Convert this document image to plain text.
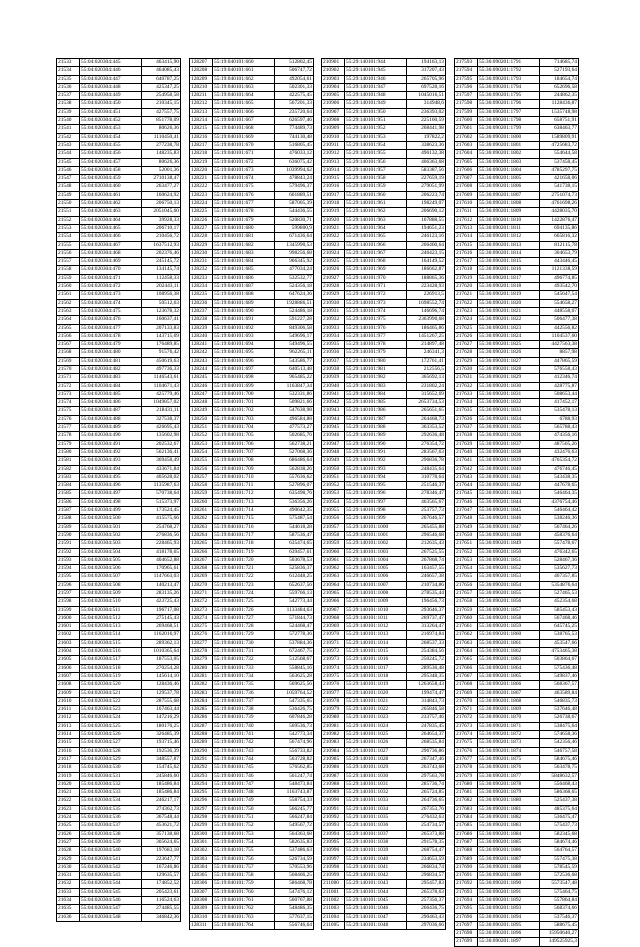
21533	55:04:020304:445	463415,90
21534	55:04:020304:446	464085,43
21535	55:04:020304:447	640787,25
21536	55:04:020304:448	425347,25
21537	55:04:020304:449	254958,58
21538	55:04:020304:450	210345,15
21539	55:04:020304:451	427557,75
21540	55:04:020304:452	851778,09
21541	55:04:020304:453	80626,36
21542	55:04:020304:454	1110450,41
21543	55:04:020304:455	277238,78
21544	55:04:020304:456	148235,83
21545	55:04:020304:457	80626,36
21546	55:04:020304:458	52001,36
21547	55:04:020304:459	2710138,47
21548	55:04:020304:460	263477,27
21549	55:04:020304:461	160624,92
21550	55:04:020304:462	206750,13
21551	55:04:020304:463	2051045,60
21552	55:04:020304:464	39928,33
21553	55:04:020304:465	206710,17
21554	55:04:020304:466	210456,72
21555	55:04:020304:467	1637512,93
21556	55:04:020304:468	202376,46
21557	55:04:020304:469	245145,72
21558	55:04:020304:470	134145,74
21559	55:04:020304:471	112458,33
21560	55:04:020304:472	202443,11
21561	55:04:020304:473	108956,38
21562	55:04:020304:474	50512,63
21563	55:04:020304:475	123678,32
21564	55:04:020304:476	160637,41
21565	55:04:020304:477	207133,83
21566	55:04:020304:478	143715,69
21567	55:04:020304:479	176489,85
21568	55:04:020304:480	91576,42
21569	55:04:020304:481	450619,63
21570	55:04:020304:482	497736,33
21571	55:04:020304:483	1146543,61
21572	55:04:020304:484	1104671,43
21573	55:04:020304:485	425779,46
21574	55:04:020304:486	1049857,02
21575	55:04:020304:487	218431,11
21576	55:04:020304:488	327538,37
21577	55:04:020304:489	426695,43
21578	55:04:020304:490	135602,98
21579	55:04:020304:491	202532,67
21580	55:04:020304:492	562136,41
21581	55:04:020304:493	369458,49
21582	55:04:020304:494	433671,84
21583	55:04:020304:495	405628,02
21584	55:04:020304:496	1135987,63
21585	55:04:020304:497	570738,64
21586	55:04:020304:498	515373,97
21587	55:04:020304:499	173524,45
21588	55:04:020304:500	415575,66
21589	55:04:020304:501	254768,27
21590	55:04:020304:502	276836,56
21591	55:04:020304:503	228465,93
21592	55:04:020304:504	418178,65
21593	55:04:020304:505	404652,88
21594	55:04:020304:506	170965,61
21595	55:04:020304:507	1147663,03
21596	55:04:020304:508	140213,47
21597	55:04:020304:509	283135,26
21598	55:04:020304:510	423725,43
21599	55:04:020304:511	196717,08
21600	55:04:020304:512	275145,43
21601	55:04:020304:513	269468,51
21602	55:04:020304:514	1162016,97
21603	55:04:020304:515	289362,13
21604	55:04:020304:516	1010365,64
21605	55:04:020304:517	187553,05
21606	55:04:020304:518	270254,28
21607	55:04:020304:519	145614,10
21608	55:04:020304:520	128436,46
21609	55:04:020304:521	129537,78
21610	55:04:020304:522	287555,68
21611	55:04:020304:523	167463,44
21612	55:04:020304:524	147216,29
21613	55:04:020304:525	180176,25
21614	55:04:020304:526	326485,39
21615	55:04:020304:527	193715,46
21616	55:04:020304:528	192536,39
21617	55:04:020304:529	348557,87
21618	55:04:020304:530	154745,62
21619	55:04:020304:531	245846,60
21620	55:04:020304:532	185486,84
21621	55:04:020304:533	185486,84
21622	55:04:020304:534	246217,17
21623	55:04:020304:535	274362,73
21624	55:04:020304:536	367548,44
21625	55:04:020304:537	453621,72
21626	55:04:020304:538	357138,68
21627	55:04:020304:539	305624,65
21628	55:04:020304:540	197683,18
21629	55:04:020304:541	223647,77
21630	55:04:020304:542	167246,86
21631	55:04:020304:543	129635,57
21632	55:04:020304:544	174852,52
21633	55:04:020304:545	205423,61
21634	55:04:020304:546	116524,63
21635	55:04:020304:547	274485,55
21636	55:04:020304:548	346842,36
128207	55:19:040101:660	512802,45
128208	55:19:040101:661	506747,72
128209	55:19:040101:662	492054,61
128210	55:19:040101:663	502301,33
128211	55:19:040101:664	422575,45
128212	55:19:040101:665	567201,33
128213	55:19:040101:666	235720,64
128214	55:19:040101:667	626597,46
128215	55:19:040101:668	774489,73
128216	55:19:040101:669	744130,48
128217	55:19:040101:670	516805,45
128218	55:19:040101:671	476033,12
128219	55:19:040101:672	636075,42
128220	55:19:040101:673	1039994,62
128221	55:19:040101:674	478843,24
128222	55:19:040101:675	579496,37
128223	55:19:040101:676	661889,51
128224	55:19:040101:677	587005,39
128225	55:19:040101:678	544436,55
128226	55:19:040101:679	520830,71
128227	55:19:040101:680	599800,9
128228	55:19:040101:681	671436,64
128229	55:19:040101:682	1345990,53
128230	55:19:040101:683	998256,68
128231	55:19:040101:684	966345,92
128232	55:19:040101:685	477034,24
128233	55:19:040101:686	532532,77
128234	55:19:040101:687	524356,18
128235	55:19:040101:688	647624,36
128236	55:19:040101:689	1928886,51
128237	55:19:040101:690	524486,18
128238	55:19:040101:691	591227,28
128239	55:19:040101:692	849306,58
128240	55:19:040101:693	549696,17
128241	55:19:040101:694	549496,55
128242	55:19:040101:695	962265,11
128243	55:19:040101:696	543586,77
128244	55:19:040101:697	640513,48
128245	55:19:040101:698	965485,22
128246	55:19:040101:699	1163847,34
128247	55:19:040101:700	532331,86
128248	55:19:040101:701	509821,66
128249	55:19:040101:702	547638,98
128250	55:19:040101:703	496584,88
128251	55:19:040101:704	477573,27
128252	55:19:040101:705	502685,76
128253	55:19:040101:706	562738,21
128254	55:19:040101:707	527068,36
128255	55:19:040101:708	686486,64
128256	55:19:040101:709	562838,26
128257	55:19:040101:710	557636,62
128258	55:19:040101:711	527896,07
128259	55:19:040101:712	635498,76
128260	55:19:040101:713	536356,26
128261	55:19:040101:714	490642,35
128262	55:19:040101:715	575487,54
128263	55:19:040101:716	544618,28
128264	55:19:040101:717	587536,47
128265	55:19:040101:718	635474,65
128266	55:19:040101:719	639457,61
128267	55:19:040101:720	503678,53
128268	55:19:040101:721	525836,37
128269	55:19:040101:722	612448,25
128270	55:19:040101:723	652637,56
128271	55:19:040101:724	559766,13
128272	55:19:040101:725	542773,44
128273	55:19:040101:726	1133484,63
128274	55:19:040101:727	571844,73
128275	55:19:040101:728	524468,47
128276	55:19:040101:729	572778,36
128277	55:19:040101:730	537884,36
128278	55:19:040101:731	672467,75
128279	55:19:040101:732	512568,67
128280	55:19:040101:733	558845,16
128281	55:19:040101:734	563625,28
128282	55:19:040101:735	569625,56
128283	55:19:040101:736	1059764,52
128284	55:19:040101:737	547335,65
128285	55:19:040101:738	536426,75
128286	55:19:040101:739	607846,28
128287	55:19:040101:740	569536,73
128288	55:19:040101:741	542773,34
128289	55:19:040101:742	567474,96
128290	55:19:040101:743	556733,82
128291	55:19:040101:744	563728,82
128292	55:19:040101:745	576562,85
128293	55:19:040101:746	561247,74
128294	55:19:040101:747	548473,84
128295	55:19:040101:748	1163743,87
128296	55:19:040101:749	558754,33
128297	55:19:040101:750	566245,77
128298	55:19:040101:751	566247,84
128299	55:19:040101:752	549567,72
128300	55:19:040101:753	564363,68
128301	55:19:040101:754	582635,83
128302	55:19:040101:755	537486,63
128303	55:19:040101:756	526734,59
128304	55:19:040101:757	570553,96
128305	55:19:040101:758	568466,25
128306	55:19:040101:759	586468,78
128307	55:19:040101:760	547476,12
128308	55:19:040101:761	560767,88
128309	55:19:040101:762	548486,35
128310	55:19:040101:763	577637,15
128311	55:19:040101:764	556746,64
210901	55:29:140101:944	194163,13
210902	55:29:140101:945	317207,43
210903	55:29:140101:946	265705,96
210904	55:29:140101:947	697528,16
210905	55:29:140101:948	1045016,51
210906	55:29:140101:949	314948,6
210907	55:29:140101:950	236393,02
210908	55:29:140101:951	225160,59
210909	55:29:140101:952	268441,98
210910	55:29:140101:953	197822,2
210911	55:29:140101:954	338623,36
210912	55:29:140101:955	496132,38
210913	55:29:140101:956	406363,68
210914	55:29:140101:957	583387,56
210915	55:29:140101:958	227659,19
210916	55:29:140101:959	279051,99
210917	55:29:140101:960	206223,74
210918	55:29:140101:961	198249,07
210919	55:29:140101:962	206690,12
210920	55:29:140101:963	167888,55
210921	55:29:140101:964	194651,23
210922	55:29:140101:965	246123,16
210923	55:29:140101:966	206460,64
210924	55:29:140101:967	246423,15
210925	55:29:140101:968	164149,52
210926	55:29:140101:969	186662,87
210927	55:29:140101:970	188865,36
210928	55:29:140101:971	223428,93
210929	55:29:140101:972	226913,5
210930	55:29:140101:973	1698552,74
210931	55:29:140101:974	146696,74
210932	55:29:140101:975	2363990,68
210933	55:29:140101:976	186465,86
210934	55:29:140101:977	1451267,25
210935	55:29:140101:978	214897,48
210936	55:29:140101:979	246341,3
210937	55:29:140101:980	172761,41
210938	55:29:140101:981	212556,5
210939	55:29:140101:982	365692,13
210940	55:29:140101:983	231802,24
210941	55:29:140101:984	315652,69
210942	55:29:140101:985	2653734,53
210943	55:29:140101:986	265651,65
210944	55:29:140101:987	264468,73
210945	55:29:140101:988	363353,52
210946	55:29:140101:989	292636,48
210947	55:29:140101:990	276354,72
210948	55:29:140101:991	283567,63
210949	55:29:140101:992	296836,78
210950	55:29:140101:993	248435,64
210951	55:29:140101:994	310778,64
210952	55:29:140101:995	251546,37
210953	55:29:140101:996	278346,47
210954	55:29:140101:997	463565,67
210955	55:29:140101:998	253757,73
210956	55:29:140101:999	267646,57
210957	55:29:140101:1000	265455,88
210958	55:29:140101:1001	296546,68
210959	55:29:140101:1002	212635,43
210960	55:29:140101:1003	267525,55
210961	55:29:140101:1004	267868,74
210962	55:29:140101:1005	163457,55
210963	55:29:140101:1006	246657,38
210964	55:29:140101:1007	210734,86
210965	55:29:140101:1008	278535,44
210966	55:29:140101:1009	196456,73
210967	55:29:140101:1010	293646,37
210968	55:29:140101:1011	269737,47
210969	55:29:140101:1012	313264,47
210970	55:29:140101:1013	216974,84
210971	55:29:140101:1014	268537,33
210972	55:29:140101:1015	254384,56
210973	55:29:140101:1016	250245,72
210974	55:29:140101:1017	289536,48
210975	55:29:140101:1018	295348,35
210976	55:29:140101:1019	1263658,43
210977	55:29:140101:1020	199474,47
210978	55:29:140101:1021	314843,73
210979	55:29:140101:1022	265846,58
210980	55:29:140101:1023	233757,46
210981	55:29:140101:1024	247835,45
210982	55:29:140101:1025	264654,37
210983	55:29:140101:1026	268535,84
210984	55:29:140101:1027	296736,86
210985	55:29:140101:1028	267347,46
210986	55:29:140101:1029	263743,68
210987	55:29:140101:1030	297563,78
210988	55:29:140101:1031	285736,74
210989	55:29:140101:1032	265724,85
210990	55:29:140101:1033	264736,65
210991	55:29:140101:1034	267353,76
210992	55:29:140101:1035	276432,63
210993	55:29:140101:1036	254734,57
210994	55:29:140101:1037	265373,88
210995	55:29:140101:1038	291578,35
210996	55:29:140101:1039	268754,47
210997	55:29:140101:1040	234653,59
210998	55:29:140101:1041	266834,74
210999	55:29:140101:1042	296834,57
211000	55:29:140101:1043	295457,83
211001	55:29:140101:1044	265378,63
211002	55:29:140101:1045	257356,37
211003	55:29:140101:1046	266436,75
211004	55:29:140101:1047	290463,43
211005	55:29:140101:1048	297036,66
217593	55:36:090201:1791	714685,74
217594	55:36:090201:1792	527193,64
217595	55:36:090201:1793	184654,74
217596	55:36:090201:1794	652696,58
217597	55:36:090201:1795	244862,35
217598	55:36:090201:1796	1128436,87
217599	55:36:090201:1797	1535748,98
217600	55:36:090201:1798	658751,91
217601	55:36:090201:1799	638463,77
217602	55:36:090201:1800	1589809,91
217603	55:36:090201:1801	4725683,72
217604	55:36:090201:1802	554644,58
217605	55:36:090201:1803	537458,45
217606	55:36:090201:1804	4785297,75
217607	55:36:090201:1805	421658,06
217608	55:36:090201:1806	541738,15
217609	55:36:090201:1807	2751074,73
217610	55:36:090201:1808	4761698,26
217611	55:36:090201:1809	4428035,70
217612	55:36:090201:1810	1422876,47
217613	55:36:090201:1811	694135,86
217614	55:36:090201:1812	665816,32
217615	55:36:090201:1813	812115,78
217616	55:36:090201:1814	304653,79
217617	55:36:090201:1815	443446,45
217618	55:36:090201:1816	1121338,59
217619	55:36:090201:1817	496774,85
217620	55:36:090201:1818	493542,70
217621	55:36:090201:1819	545647,54
217622	55:36:090201:1820	554658,27
217623	55:36:090201:1821	448558,07
217624	55:36:090201:1822	506477,38
217625	55:36:090201:1823	442556,82
217626	55:36:090201:1824	1104537,60
217627	55:36:090201:1825	4427563,38
217628	55:36:090201:1826	8857,98
217629	55:36:090201:1827	447865,59
217630	55:36:090201:1828	576558,43
217631	55:36:090201:1829	412346,74
217632	55:36:090201:1830	428775,87
217633	55:36:090201:1831	508653,44
217634	55:36:090201:1832	417452,17
217635	55:36:090201:1833	535478,13
217636	55:36:090201:1834	6788,93
217637	55:36:090201:1835	565788,43
217638	55:36:090201:1836	474356,16
217639	55:36:090201:1837	487565,26
217640	55:36:090201:1838	432476,63
217641	55:36:090201:1839	4765354,72
217642	55:36:090201:1840	476746,45
217643	55:36:090201:1841	543438,35
217644	55:36:090201:1842	447678,65
217645	55:36:090201:1843	546464,35
217646	55:36:090201:1844	4376754,46
217647	55:36:090201:1845	546464,42
217648	55:36:090201:1846	538246,36
217649	55:36:090201:1847	567464,26
217650	55:36:090201:1848	458376,64
217651	55:36:090201:1849	557478,67
217652	55:36:090201:1850	476342,65
217653	55:36:090201:1851	528467,36
217654	55:36:090201:1852	535627,73
217655	55:36:090201:1853	467357,85
217656	55:36:090201:1854	5354876,64
217657	55:36:090201:1855	527465,53
217658	55:36:090201:1856	452354,68
217659	55:36:090201:1857	585453,43
217660	55:36:090201:1858	567468,46
217661	55:36:090201:1859	645745,25
217662	55:36:090201:1860	538765,53
217663	55:36:090201:1861	453547,66
217664	55:36:090201:1862	4753465,38
217665	55:36:090201:1863	503864,67
217666	55:36:090201:1864	575436,48
217667	55:36:090201:1865	549837,46
217668	55:36:090201:1866	568367,57
217669	55:36:090201:1867	463589,84
217670	55:36:090201:1868	546835,73
217671	55:36:090201:1869	537646,48
217672	55:36:090201:1870	526738,67
217673	55:36:090201:1871	538475,64
217674	55:36:090201:1872	574658,36
217675	55:36:090201:1873	542356,46
217676	55:36:090201:1874	546757,58
217677	55:36:090201:1875	584675,46
217678	55:36:090201:1876	563478,75
217679	55:36:090201:1877	5848632,57
217680	55:36:090201:1878	556468,43
217681	55:36:090201:1879	586368,65
217682	55:36:090201:1880	525437,38
217683	55:36:090201:1881	485375,64
217684	55:36:090201:1882	536475,47
217685	55:36:090201:1883	575437,73
217686	55:36:090201:1884	582345,68
217687	55:36:090201:1885	584674,46
217688	55:36:090201:1886	564764,57
217689	55:36:090201:1887	557475,38
217690	55:36:090201:1888	578545,59
217691	55:36:090201:1889	572536,68
217692	55:36:090201:1890	5573547,48
217693	55:36:090201:1891	575464,75
217694	55:36:090201:1892	557864,84
217695	55:36:090201:1893	568374,66
217696	55:36:090201:1894	537546,37
217697	55:36:090201:1895	588675,45
217698	55:36:090201:1896	15950640,27
217699	55:36:090201:1897	149525925,3
